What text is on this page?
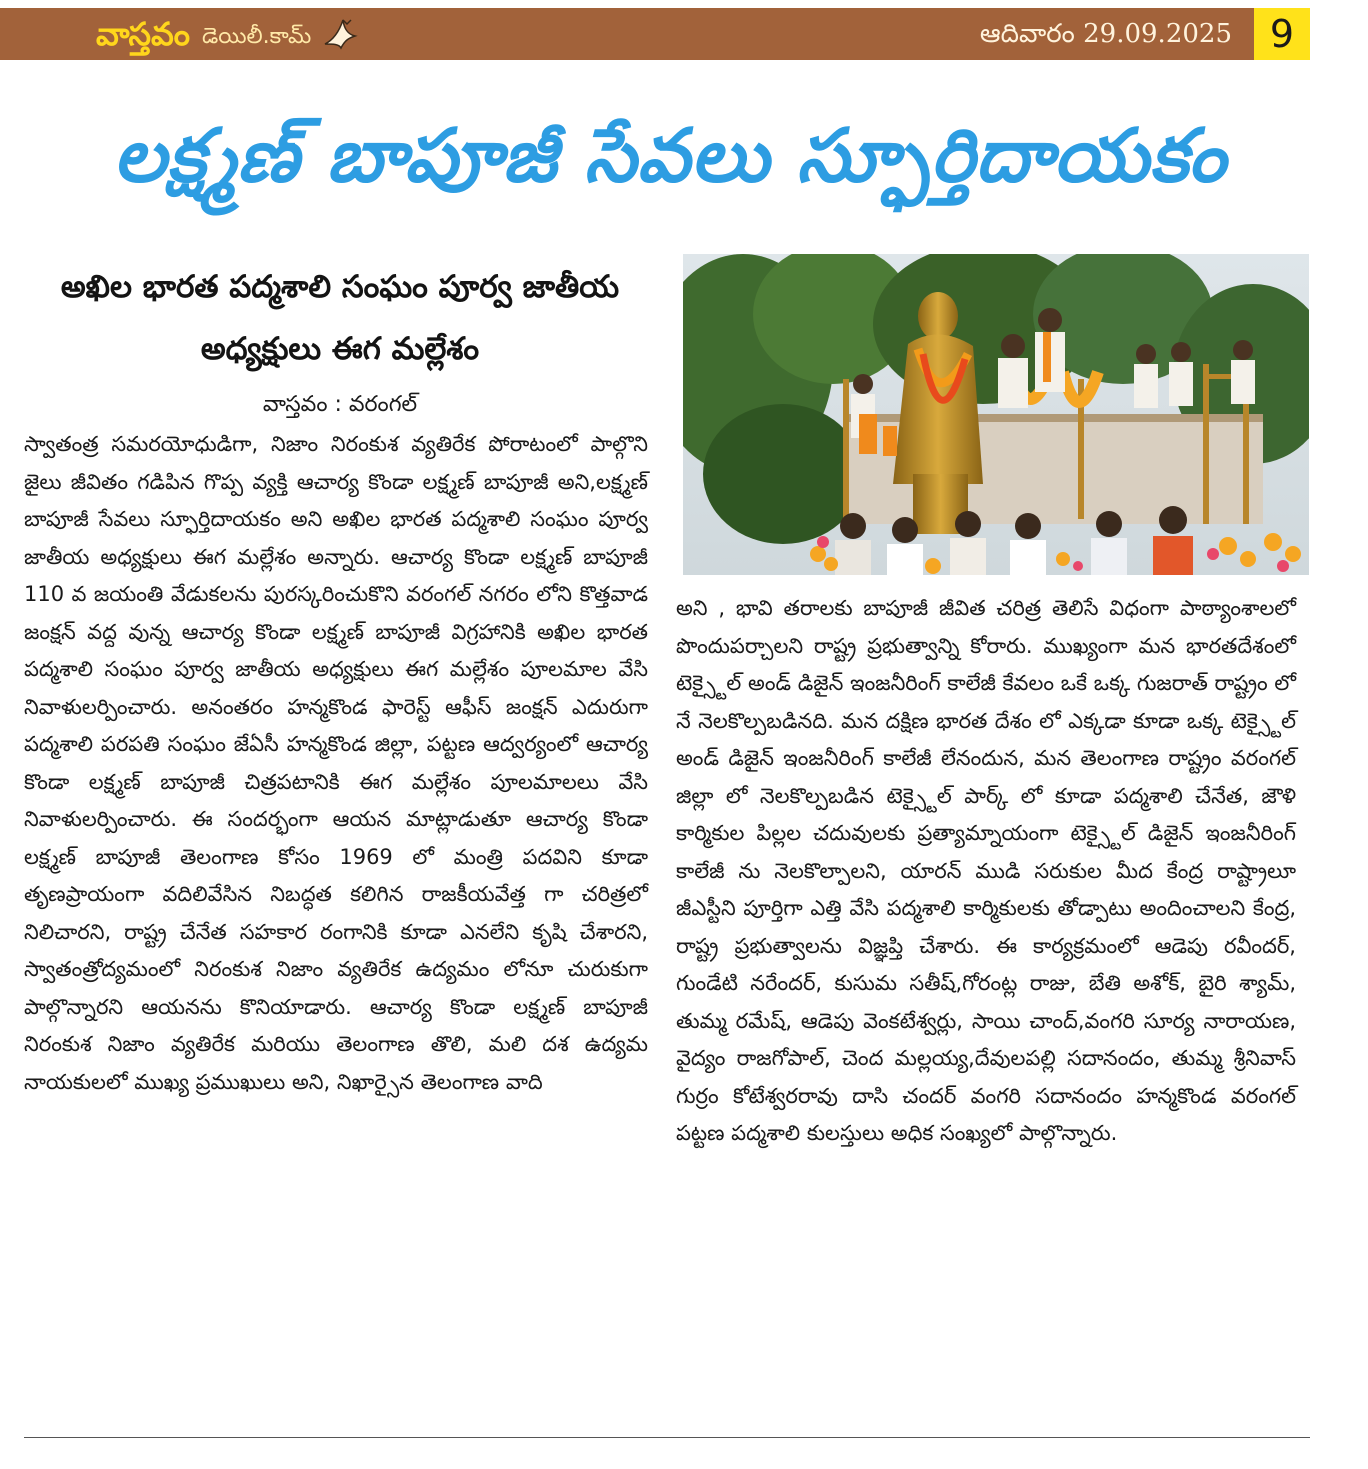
వాస్తవం డెయిలీ.కామ్	ఆదివారం 29.09.2025 9
లక్ష్మణ్ బాపూజీ సేవలు స్ఫూర్తిదాయకం
అఖిల భారత పద్మశాలి సంఘం పూర్వ జాతీయ అధ్యక్షులు ఈగ మల్లేశం
వాస్తవం : వరంగల్

స్వాతంత్ర సమరయోధుడిగా, నిజాం నిరంకుశ వ్యతిరేక పోరాటంలో పాల్గొని జైలు జీవితం గడిపిన గొప్ప వ్యక్తి ఆచార్య కొండా లక్ష్మణ్ బాపూజీ అని,లక్ష్మణ్ బాపూజీ సేవలు స్ఫూర్తిదాయకం అని అఖిల భారత పద్మశాలి సంఘం పూర్వ జాతీయ అధ్యక్షులు ఈగ మల్లేశం అన్నారు. ఆచార్య కొండా లక్ష్మణ్ బాపూజీ 110 వ జయంతి వేడుకలను పురస్కరించుకొని వరంగల్ నగరం లోని కొత్తవాడ జంక్షన్ వద్ద వున్న ఆచార్య కొండా లక్ష్మణ్ బాపూజీ విగ్రహానికి అఖిల భారత పద్మశాలి సంఘం పూర్వ జాతీయ అధ్యక్షులు ఈగ మల్లేశం పూలమాల వేసి నివాళులర్పించారు. అనంతరం హన్మకొండ ఫారెస్ట్ ఆఫీస్ జంక్షన్ ఎదురుగా పద్మశాలి పరపతి సంఘం జేఏసీ హన్మకొండ జిల్లా, పట్టణ ఆద్వర్యంలో ఆచార్య కొండా లక్ష్మణ్ బాపూజీ చిత్రపటానికి ఈగ మల్లేశం పూలమాలలు వేసి నివాళులర్పించారు. ఈ సందర్భంగా ఆయన మాట్లాడుతూ ఆచార్య కొండా లక్ష్మణ్ బాపూజీ తెలంగాణ కోసం 1969 లో మంత్రి పదవిని కూడా తృణప్రాయంగా వదిలివేసిన నిబద్ధత కలిగిన రాజకీయవేత్త గా చరిత్రలో నిలిచారని, రాష్ట్ర చేనేత సహకార రంగానికి కూడా ఎనలేని కృషి చేశారని, స్వాతంత్రోద్యమంలో నిరంకుశ నిజాం వ్యతిరేక ఉద్యమం లోనూ చురుకుగా పాల్గొన్నారని ఆయనను కొనియాడారు. ఆచార్య కొండా లక్ష్మణ్ బాపూజీ నిరంకుశ నిజాం వ్యతిరేక మరియు తెలంగాణ తొలి, మలి దశ ఉద్యమ నాయకులలో ముఖ్య ప్రముఖులు అని, నిఖార్సైన తెలంగాణ వాది

అని , భావి తరాలకు బాపూజీ జీవిత చరిత్ర తెలిసే విధంగా పాఠ్యాంశాలలో పొందుపర్చాలని రాష్ట్ర ప్రభుత్వాన్ని కోరారు. ముఖ్యంగా మన భారతదేశంలో టెక్స్టైల్ అండ్ డిజైన్ ఇంజనీరింగ్ కాలేజీ కేవలం ఒకే ఒక్క గుజరాత్ రాష్ట్రం లో నే నెలకొల్పబడినది. మన దక్షిణ భారత దేశం లో ఎక్కడా కూడా ఒక్క టెక్స్టైల్ అండ్ డిజైన్ ఇంజనీరింగ్ కాలేజీ లేనందున, మన తెలంగాణ రాష్ట్రం వరంగల్ జిల్లా లో నెలకొల్పబడిన టెక్స్టైల్ పార్క్ లో కూడా పద్మశాలి చేనేత, జౌళి కార్మికుల పిల్లల చదువులకు ప్రత్యామ్నాయంగా టెక్స్టైల్ డిజైన్ ఇంజనీరింగ్ కాలేజీ ను నెలకొల్పాలని, యారన్ ముడి సరుకుల మీద కేంద్ర రాష్ట్రాలూ జీఎస్టీని పూర్తిగా ఎత్తి వేసి పద్మశాలి కార్మికులకు తోడ్పాటు అందించాలని కేంద్ర, రాష్ట్ర ప్రభుత్వాలను విజ్ఞప్తి చేశారు. ఈ కార్యక్రమంలో ఆడెపు రవీందర్, గుండేటి నరేందర్, కుసుమ సతీష్,గోరంట్ల రాజు, బేతి అశోక్, బైరి శ్యామ్, తుమ్మ రమేష్, ఆడెపు వెంకటేశ్వర్లు, సాయి చాంద్,వంగరి సూర్య నారాయణ, వైద్యం రాజగోపాల్, చెంద మల్లయ్య,దేవులపల్లి సదానందం, తుమ్మ శ్రీనివాస్ గుర్రం కోటేశ్వరరావు దాసి చందర్ వంగరి సదానందం హన్మకొండ వరంగల్ పట్టణ పద్మశాలి కులస్తులు అధిక సంఖ్యలో పాల్గొన్నారు.
